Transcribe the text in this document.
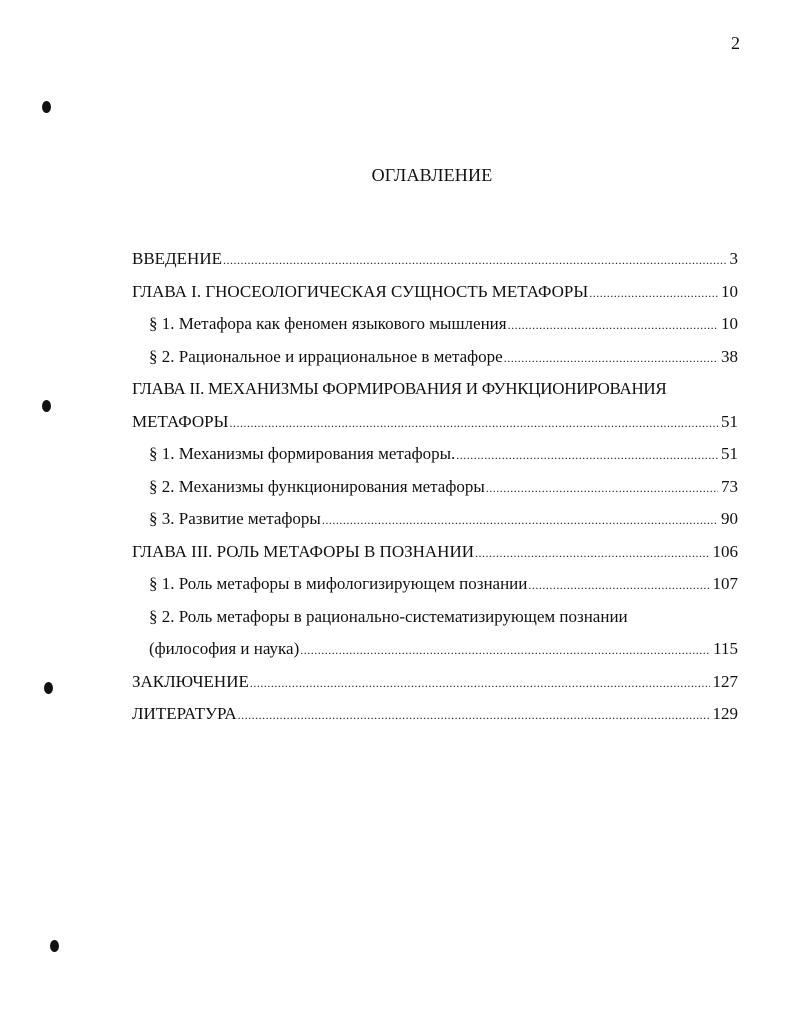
2
ОГЛАВЛЕНИЕ
ВВЕДЕНИЕ .....	3
ГЛАВА I. ГНОСЕОЛОГИЧЕСКАЯ СУЩНОСТЬ МЕТАФОРЫ .....	10
§ 1. Метафора как феномен языкового мышления .....	10
§ 2. Рациональное и иррациональное в метафоре .....	38
ГЛАВА II. МЕХАНИЗМЫ ФОРМИРОВАНИЯ И ФУНКЦИОНИРОВАНИЯ
МЕТАФОРЫ .....	51
§ 1. Механизмы формирования метафоры. .....	51
§ 2. Механизмы функционирования метафоры .....	73
§ 3. Развитие метафоры .....	90
ГЛАВА III. РОЛЬ МЕТАФОРЫ В ПОЗНАНИИ .....	106
§ 1. Роль метафоры в мифологизирующем познании .....	107
§ 2. Роль метафоры в рационально-систематизирующем познании
(философия и наука) .....	115
ЗАКЛЮЧЕНИЕ .....	127
ЛИТЕРАТУРА .....	129
